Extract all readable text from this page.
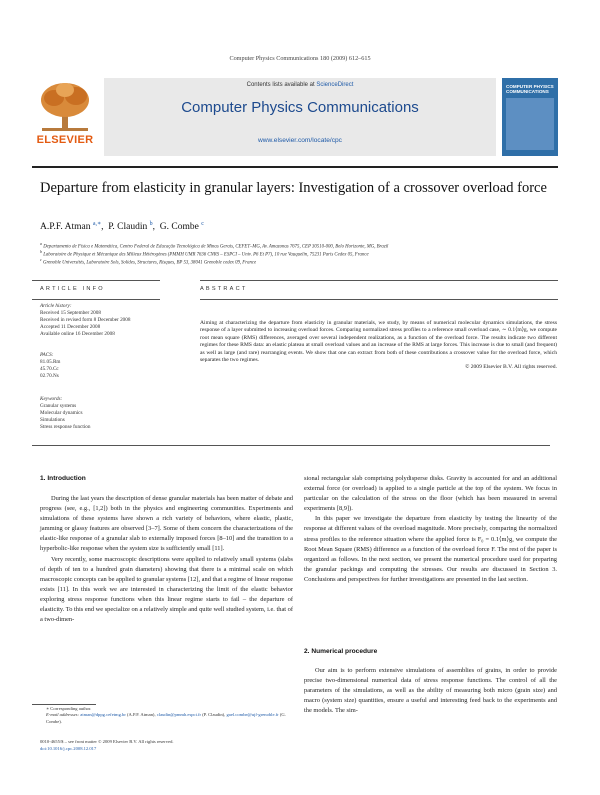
Computer Physics Communications 180 (2009) 612–615
ELSEVIER
Contents lists available at ScienceDirect
Computer Physics Communications
www.elsevier.com/locate/cpc
COMPUTER PHYSICS
COMMUNICATIONS
Departure from elasticity in granular layers: Investigation of a crossover overload force
A.P.F. Atman $^{a,∗}$,  P. Claudin $^b$,  G. Combe $^c$
$^a$ Departamento de Física e Matemática, Centro Federal de Educação Tecnológica de Minas Gerais, CEFET–MG, Av. Amazonas 7675, CEP 30510-000, Belo Horizonte, MG, Brazil
$^b$ Laboratoire de Physique et Mécanique des Milieux Hétérogènes (PMMH UMR 7636 CNRS – ESPCI – Univ. P6 Et P7), 10 rue Vauquelin, 75231 Paris Cedex 05, France
$^c$ Grenoble Universités, Laboratoire Sols, Solides, Structures, Risques, BP 53, 38041 Grenoble cedex 09, France
ARTICLE INFO	ABSTRACT
Article history:
Received 15 September 2008
Received in revised form 8 December 2008
Accepted 11 December 2008
Available online 16 December 2008
PACS:
81.05.Rm
45.70.Cc
02.70.Ns
Keywords:
Granular systems
Molecular dynamics
Simulations
Stress response function
Aiming at characterizing the departure from elasticity in granular materials, we study, by means of numerical molecular dynamics simulations, the stress response of a layer submitted to increasing overload forces. Comparing normalized stress profiles to a reference small overload case, ∼ 0.1⟨m⟩g, we compute root mean square (RMS) differences, averaged over several independent realizations, as a function of the overload force. The results indicate two different regimes for these RMS data: an elastic plateau at small overload values and an increase of the RMS at large forces. This increase is due to small (and frequent) as well as large (and rare) rearranging events. We show that one can extract from both of these contributions a crossover value for the overload force, which separates the two regimes.
© 2009 Elsevier B.V. All rights reserved.
1. Introduction

During the last years the description of dense granular materials has been matter of debate and progress (see, e.g., [1,2]) both in the physics and engineering communities. Experiments and simulations of these systems have shown a rich variety of behaviors, where elastic, plastic, jamming or glassy features are observed [3–7]. Some of them concern the characterizations of the elastic-like response of a granular slab to externally imposed forces [8–10] and the transition to a hyperbolic-like response when the system size is sufficiently small [11].

Very recently, some macroscopic descriptions were applied to relatively small systems (slabs of depth of ten to a hundred grain diameters) showing that there is a minimal scale on which macroscopic concepts can be applied to granular systems [12], and that a regime of linear response exists [11]. In this work we are interested in characterizing the limit of the elastic behavior exploring stress response functions when this linear regime starts to fail – the departure of elasticity. To this end we specialize on a relatively simple and quite well studied system, i.e. that of a two-dimen-

sional rectangular slab comprising polydisperse disks. Gravity is accounted for and an additional external force (or overload) is applied to a single particle at the top of the system. We focus in particular on the calculation of the stress on the floor (which has been measured in several experiments [8,9]).

In this paper we investigate the departure from elasticity by testing the linearity of the response at different values of the overload magnitude. More precisely, comparing the normalized stress profiles to the reference situation where the applied force is F₀ = 0.1⟨m⟩g, we compute the Root Mean Square (RMS) difference as a function of the overload force F. The rest of the paper is organized as follows. In the next section, we present the numerical procedure used for preparing the granular packings and computing the stresses. Our results are discussed in Section 3. Conclusions and perspectives for further investigations are presented in the last section.

2. Numerical procedure

Our aim is to perform extensive simulations of assemblies of grains, in order to provide precise two-dimensional numerical data of stress response functions. The control of all the parameters of the simulations, as well as the ability of measuring both micro (grain size) and macro (system size) quantities, ensure a useful and interesting feed back to the experiments and the models. The sim-

∗ Corresponding author.
E-mail addresses: atman@dppg.cefetmg.br (A.P.F. Atman), claudin@pmmh.espci.fr (P. Claudin), gael.combe@ujf-grenoble.fr (G. Combe).
0010-4655/$ – see front matter © 2009 Elsevier B.V. All rights reserved.
doi:10.1016/j.cpc.2008.12.017
